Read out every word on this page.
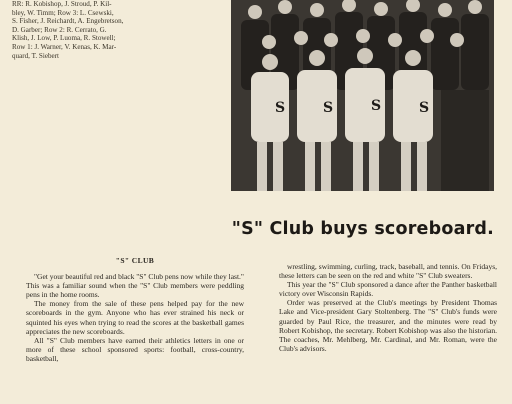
RR: R. Kobishop, J. Stroud, P. Kil-
bley, W. Timm; Row 3: L. Csewski,
S. Fisher, J. Reichardt, A. Engebretson,
D. Garber; Row 2: R. Cerrato, G.
Klish, J. Low, P. Luoma, R. Stowell;
Row 1: J. Warner, V. Kenas, K. Mar-
quard, T. Siebert
S	S	S	S
"S" Club buys scoreboard.
"S" CLUB

"Get your beautiful red and black "S" Club pens now while they last." This was a familiar sound when the "S" Club members were peddling pens in the home rooms.

The money from the sale of these pens helped pay for the new scoreboards in the gym. Anyone who has ever strained his neck or squinted his eyes when trying to read the scores at the basketball games appreciates the new scoreboards.

All "S" Club members have earned their athletics letters in one or more of these school sponsored sports: football, cross-country, basketball,

wrestling, swimming, curling, track, baseball, and tennis. On Fridays, these letters can be seen on the red and white "S" Club sweaters.

This year the "S" Club sponsored a dance after the Panther basketball victory over Wisconsin Rapids.

Order was preserved at the Club's meetings by President Thomas Lake and Vice-president Gary Stoltenberg. The "S" Club's funds were guarded by Paul Rice, the treasurer, and the minutes were read by Robert Kobishop, the secretary. Robert Kobishop was also the historian. The coaches, Mr. Mehlberg, Mr. Cardinal, and Mr. Roman, were the Club's advisors.
